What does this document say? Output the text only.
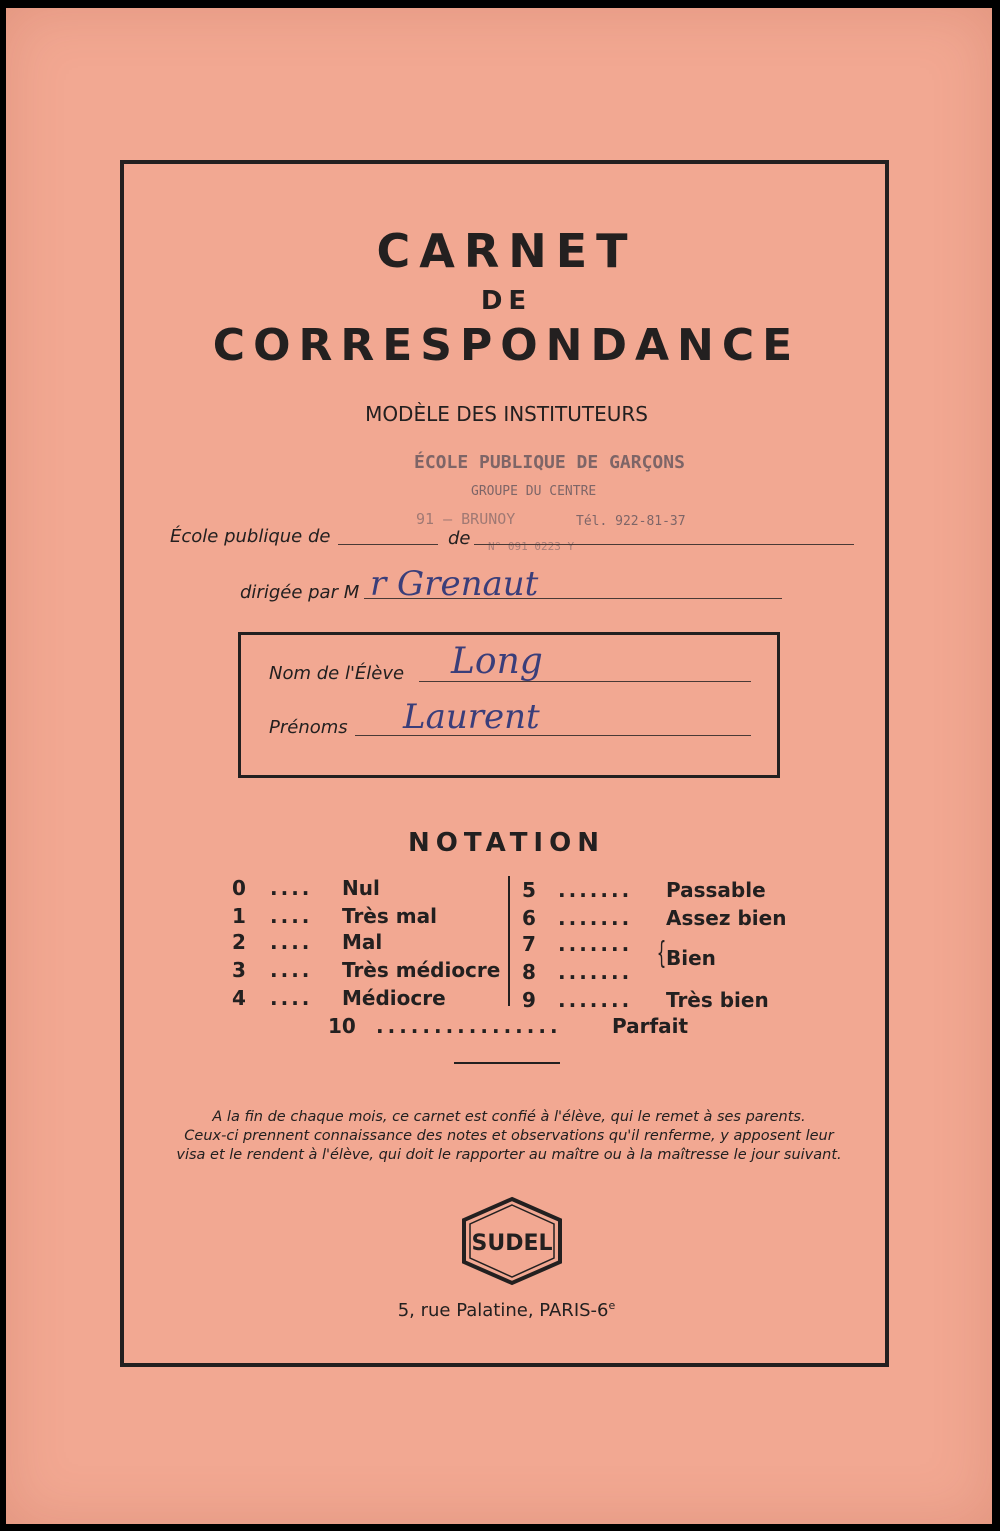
CARNET
DE
CORRESPONDANCE
MODÈLE DES INSTITUTEURS
ÉCOLE PUBLIQUE DE GARÇONS
GROUPE DU CENTRE
91 — BRUNOY	Tél. 922-81-37
N° 091 0223 Y
École publique de	de
dirigée par M r Grenaut
Nom de l'Élève Long
Prénoms Laurent
NOTATION
0 .... Nul
1 .... Très mal
2 .... Mal
3 .... Très médiocre
4 .... Médiocre
5 ....... Passable
6 ....... Assez bien
7 .......
8 .......
{ Bien
9 ....... Très bien
10 ................	Parfait
A la fin de chaque mois, ce carnet est confié à l'élève, qui le remet à ses parents.
Ceux-ci prennent connaissance des notes et observations qu'il renferme, y apposent leur
visa et le rendent à l'élève, qui doit le rapporter au maître ou à la maîtresse le jour suivant.
SUDEL
5, rue Palatine, PARIS-6e
